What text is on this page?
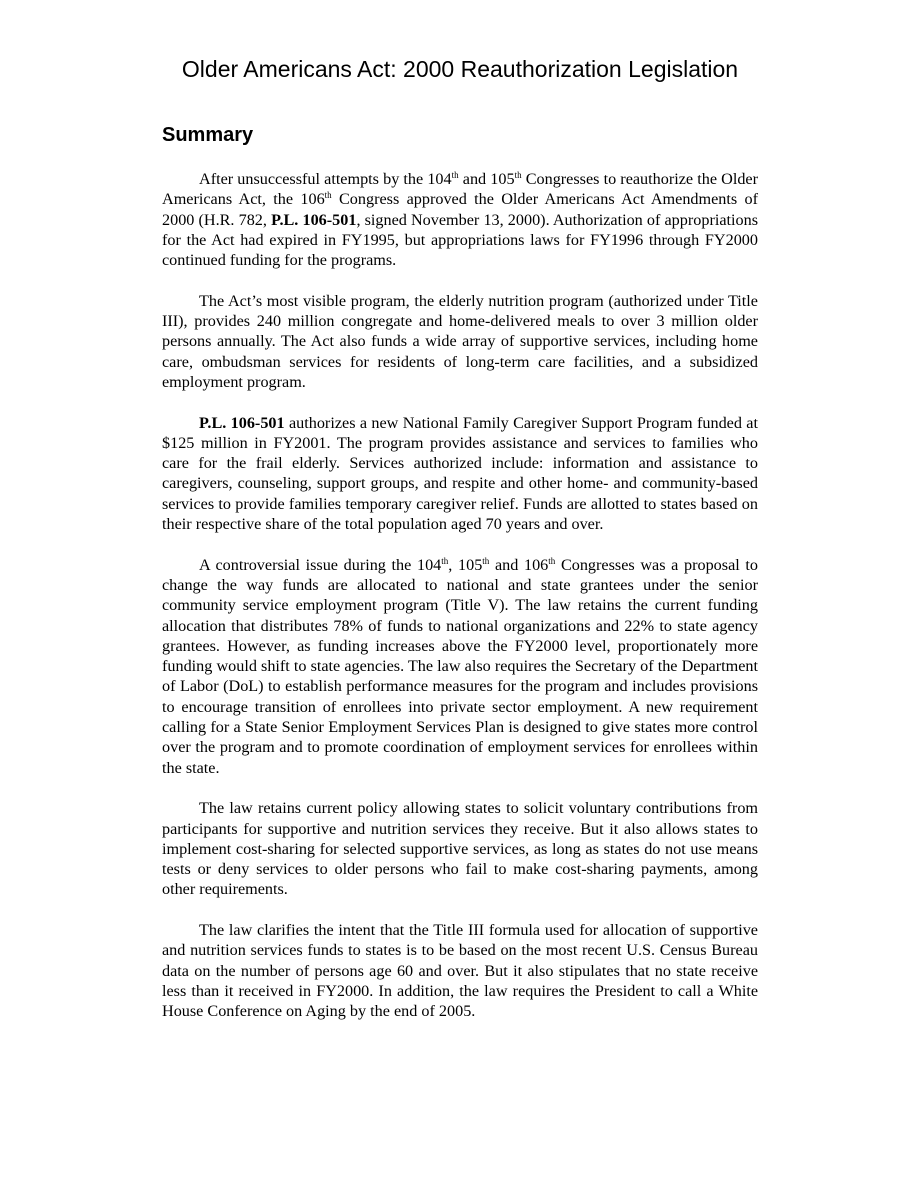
Older Americans Act: 2000 Reauthorization Legislation
Summary

After unsuccessful attempts by the 104th and 105th Congresses to reauthorize the Older Americans Act, the 106th Congress approved the Older Americans Act Amendments of 2000 (H.R. 782, P.L. 106-501, signed November 13, 2000). Authorization of appropriations for the Act had expired in FY1995, but appropriations laws for FY1996 through FY2000 continued funding for the programs.

The Act’s most visible program, the elderly nutrition program (authorized under Title III), provides 240 million congregate and home-delivered meals to over 3 million older persons annually. The Act also funds a wide array of supportive services, including home care, ombudsman services for residents of long-term care facilities, and a subsidized employment program.

P.L. 106-501 authorizes a new National Family Caregiver Support Program funded at $125 million in FY2001. The program provides assistance and services to families who care for the frail elderly. Services authorized include: information and assistance to caregivers, counseling, support groups, and respite and other home- and community-based services to provide families temporary caregiver relief. Funds are allotted to states based on their respective share of the total population aged 70 years and over.

A controversial issue during the 104th, 105th and 106th Congresses was a proposal to change the way funds are allocated to national and state grantees under the senior community service employment program (Title V). The law retains the current funding allocation that distributes 78% of funds to national organizations and 22% to state agency grantees. However, as funding increases above the FY2000 level, proportionately more funding would shift to state agencies. The law also requires the Secretary of the Department of Labor (DoL) to establish performance measures for the program and includes provisions to encourage transition of enrollees into private sector employment. A new requirement calling for a State Senior Employment Services Plan is designed to give states more control over the program and to promote coordination of employment services for enrollees within the state.

The law retains current policy allowing states to solicit voluntary contributions from participants for supportive and nutrition services they receive. But it also allows states to implement cost-sharing for selected supportive services, as long as states do not use means tests or deny services to older persons who fail to make cost-sharing payments, among other requirements.

The law clarifies the intent that the Title III formula used for allocation of supportive and nutrition services funds to states is to be based on the most recent U.S. Census Bureau data on the number of persons age 60 and over. But it also stipulates that no state receive less than it received in FY2000. In addition, the law requires the President to call a White House Conference on Aging by the end of 2005.
